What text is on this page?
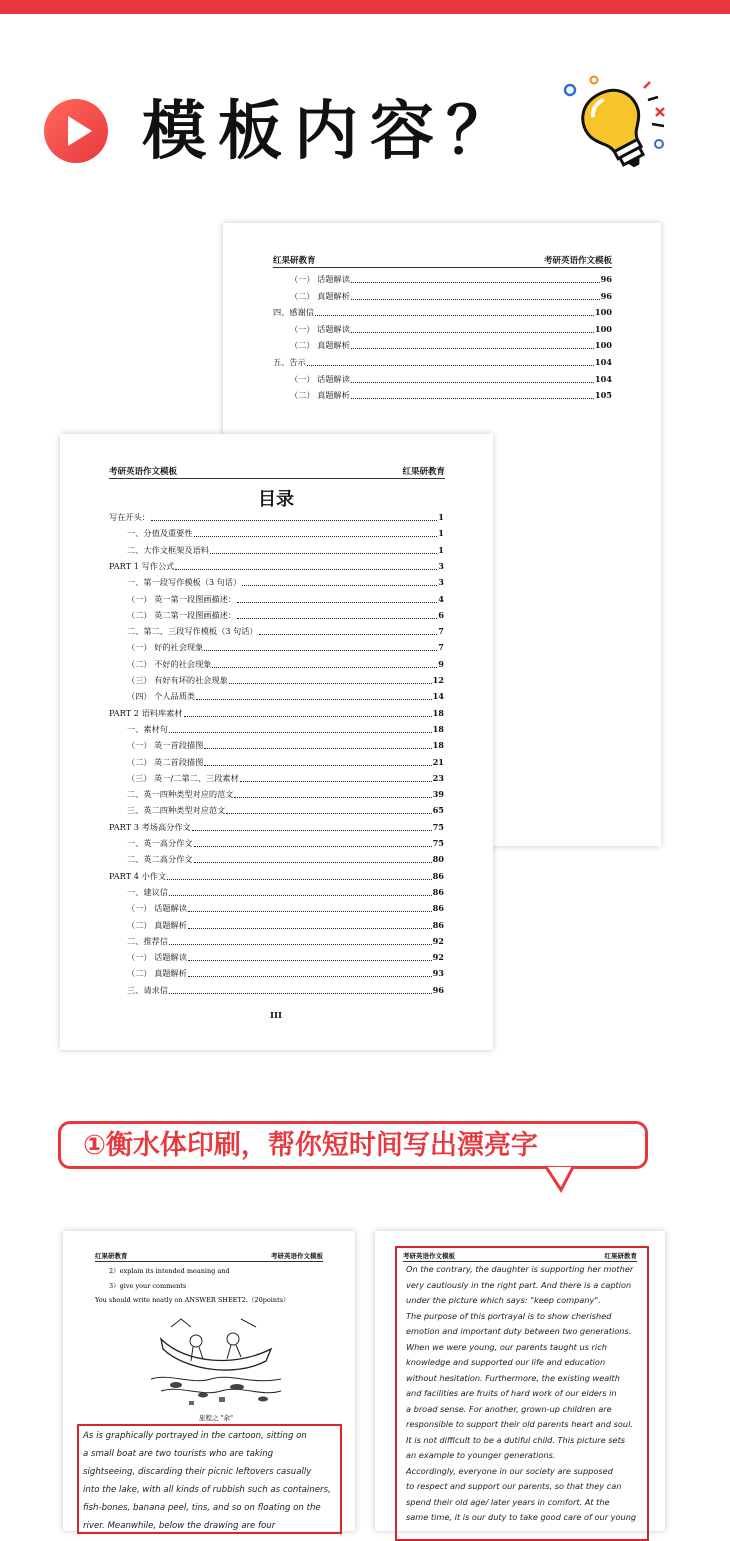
模板内容？
红果研教育	考研英语作文模板
（一） 话题解读	96
（二） 真题解析	96
四、感谢信	100
（一） 话题解读	100
（二） 真题解析	100
五、告示	104
（一） 话题解读	104
（二） 真题解析	105
考研英语作文模板	红果研教育
目录
写在开头：	1
一、分值及重要性	1
二、大作文框架及语料	1
PART 1 写作公式	3
一、第一段写作模板（3 句话）	3
（一） 英一第一段图画描述：	4
（二） 英二第一段图画描述：	6
二、第二、三段写作模板（3 句话）	7
（一） 好的社会现象	7
（二） 不好的社会现象	9
（三） 有好有坏的社会现象	12
（四） 个人品质类	14
PART 2 语料库素材	18
一、素材句	18
（一） 英一首段描图	18
（二） 英二首段描图	21
（三） 英一/二第二、三段素材	23
二、英一四种类型对应的范文	39
三、英二四种类型对应范文	65
PART 3 考场高分作文	75
一、英一高分作文	75
二、英二高分作文	80
PART 4 小作文	86
一、建议信	86
（一） 话题解读	86
（二） 真题解析	86
二、推荐信	92
（一） 话题解读	92
（二） 真题解析	93
三、请求信	96
III
①衡水体印刷，帮你短时间写出漂亮字
红果研教育	考研英语作文模板
2）explain its intended meaning and
3）give your comments
You should write neatly on ANSWER SHEET2.（20points）
旅程之 "余"

As is graphically portrayed in the cartoon, sitting on

a small boat are two tourists who are taking

sightseeing, discarding their picnic leftovers casually

into the lake, with all kinds of rubbish such as containers,

fish-bones, banana peel, tins, and so on floating on the

river. Meanwhile, below the drawing are four

考研英语作文模板	红果研教育

On the contrary, the daughter is supporting her mother

very cautiously in the right part. And there is a caption

under the picture which says: "keep company".

The purpose of this portrayal is to show cherished

emotion and important duty between two generations.

When we were young, our parents taught us rich

knowledge and supported our life and education

without hesitation. Furthermore, the existing wealth

and facilities are fruits of hard work of our elders in

a broad sense. For another, grown-up children are

responsible to support their old parents heart and soul.

It is not difficult to be a dutiful child. This picture sets

an example to younger generations.

Accordingly, everyone in our society are supposed

to respect and support our parents, so that they can

spend their old age/ later years in comfort. At the

same time, it is our duty to take good care of our young
